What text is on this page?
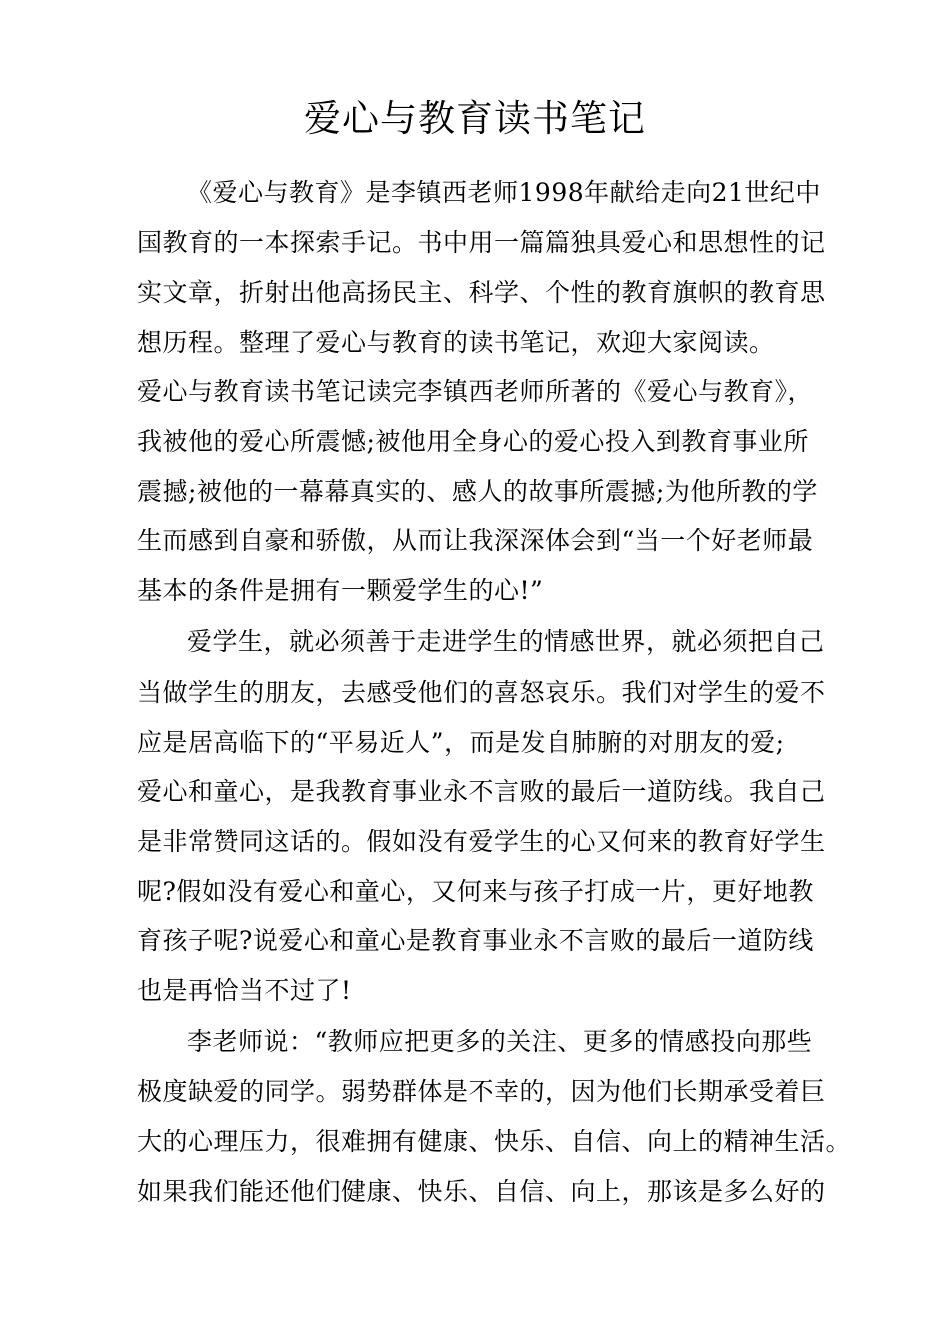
爱心与教育读书笔记
《爱心与教育》是李镇西老师1998年献给走向21世纪中
国教育的一本探索手记。书中用一篇篇独具爱心和思想性的记
实文章，折射出他高扬民主、科学、个性的教育旗帜的教育思
想历程。整理了爱心与教育的读书笔记，欢迎大家阅读。
爱心与教育读书笔记读完李镇西老师所著的《爱心与教育》，
我被他的爱心所震憾;被他用全身心的爱心投入到教育事业所
震撼;被他的一幕幕真实的、感人的故事所震撼;为他所教的学
生而感到自豪和骄傲，从而让我深深体会到“当一个好老师最
基本的条件是拥有一颗爱学生的心!”
爱学生，就必须善于走进学生的情感世界，就必须把自己
当做学生的朋友，去感受他们的喜怒哀乐。我们对学生的爱不
应是居高临下的“平易近人”，而是发自肺腑的对朋友的爱;
爱心和童心，是我教育事业永不言败的最后一道防线。我自己
是非常赞同这话的。假如没有爱学生的心又何来的教育好学生
呢?假如没有爱心和童心，又何来与孩子打成一片，更好地教
育孩子呢?说爱心和童心是教育事业永不言败的最后一道防线
也是再恰当不过了!
李老师说：“教师应把更多的关注、更多的情感投向那些
极度缺爱的同学。弱势群体是不幸的，因为他们长期承受着巨
大的心理压力，很难拥有健康、快乐、自信、向上的精神生活。
如果我们能还他们健康、快乐、自信、向上，那该是多么好的
